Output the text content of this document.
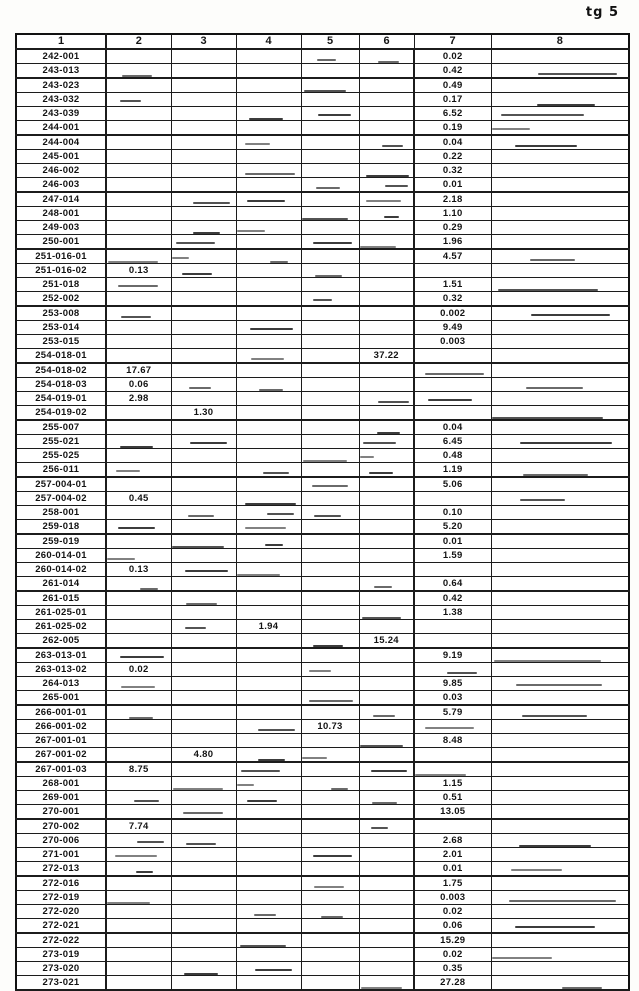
tg 5
1	2	3	4	5	6	7	8
242-001						0.02	
243-013						0.42	

243-023						0.49	
243-032						0.17	

243-039						6.52	

244-001						0.19	

244-004						0.04	

245-001						0.22	
246-002						0.32	
246-003						0.01	
247-014						2.18	
248-001						1.10	
249-003						0.29	
250-001						1.96	
251-016-01						4.57	

251-016-02	0.13	

251-018						1.51	

252-002						0.32	
253-008						0.002	

253-014						9.49	
253-015						0.003	
254-018-01					37.22		
254-018-02	17.67					

254-018-03	0.06	

254-019-01	2.98				

254-019-02		1.30					

255-007						0.04	
255-021						6.45	

255-025						0.48	
256-011						1.19	

257-004-01						5.06	
257-004-02	0.45		

258-001						0.10	
259-018						5.20	
259-019						0.01	
260-014-01						1.59	
260-014-02	0.13	

261-014						0.64	
261-015						0.42	
261-025-01						1.38	
261-025-02			1.94				
262-005					15.24		
263-013-01						9.19	

263-013-02	0.02			

264-013						9.85	

265-001						0.03	
266-001-01						5.79	

266-001-02				10.73		

267-001-01						8.48	
267-001-02		4.80	

267-001-03	8.75		

268-001						1.15	
269-001						0.51	
270-001						13.05	
270-002	7.74				

270-006						2.68	

271-001						2.01	
272-013						0.01	

272-016						1.75	
272-019						0.003	

272-020						0.02	
272-021						0.06	

272-022						15.29	
273-019						0.02	

273-020						0.35	
273-021						27.28	
